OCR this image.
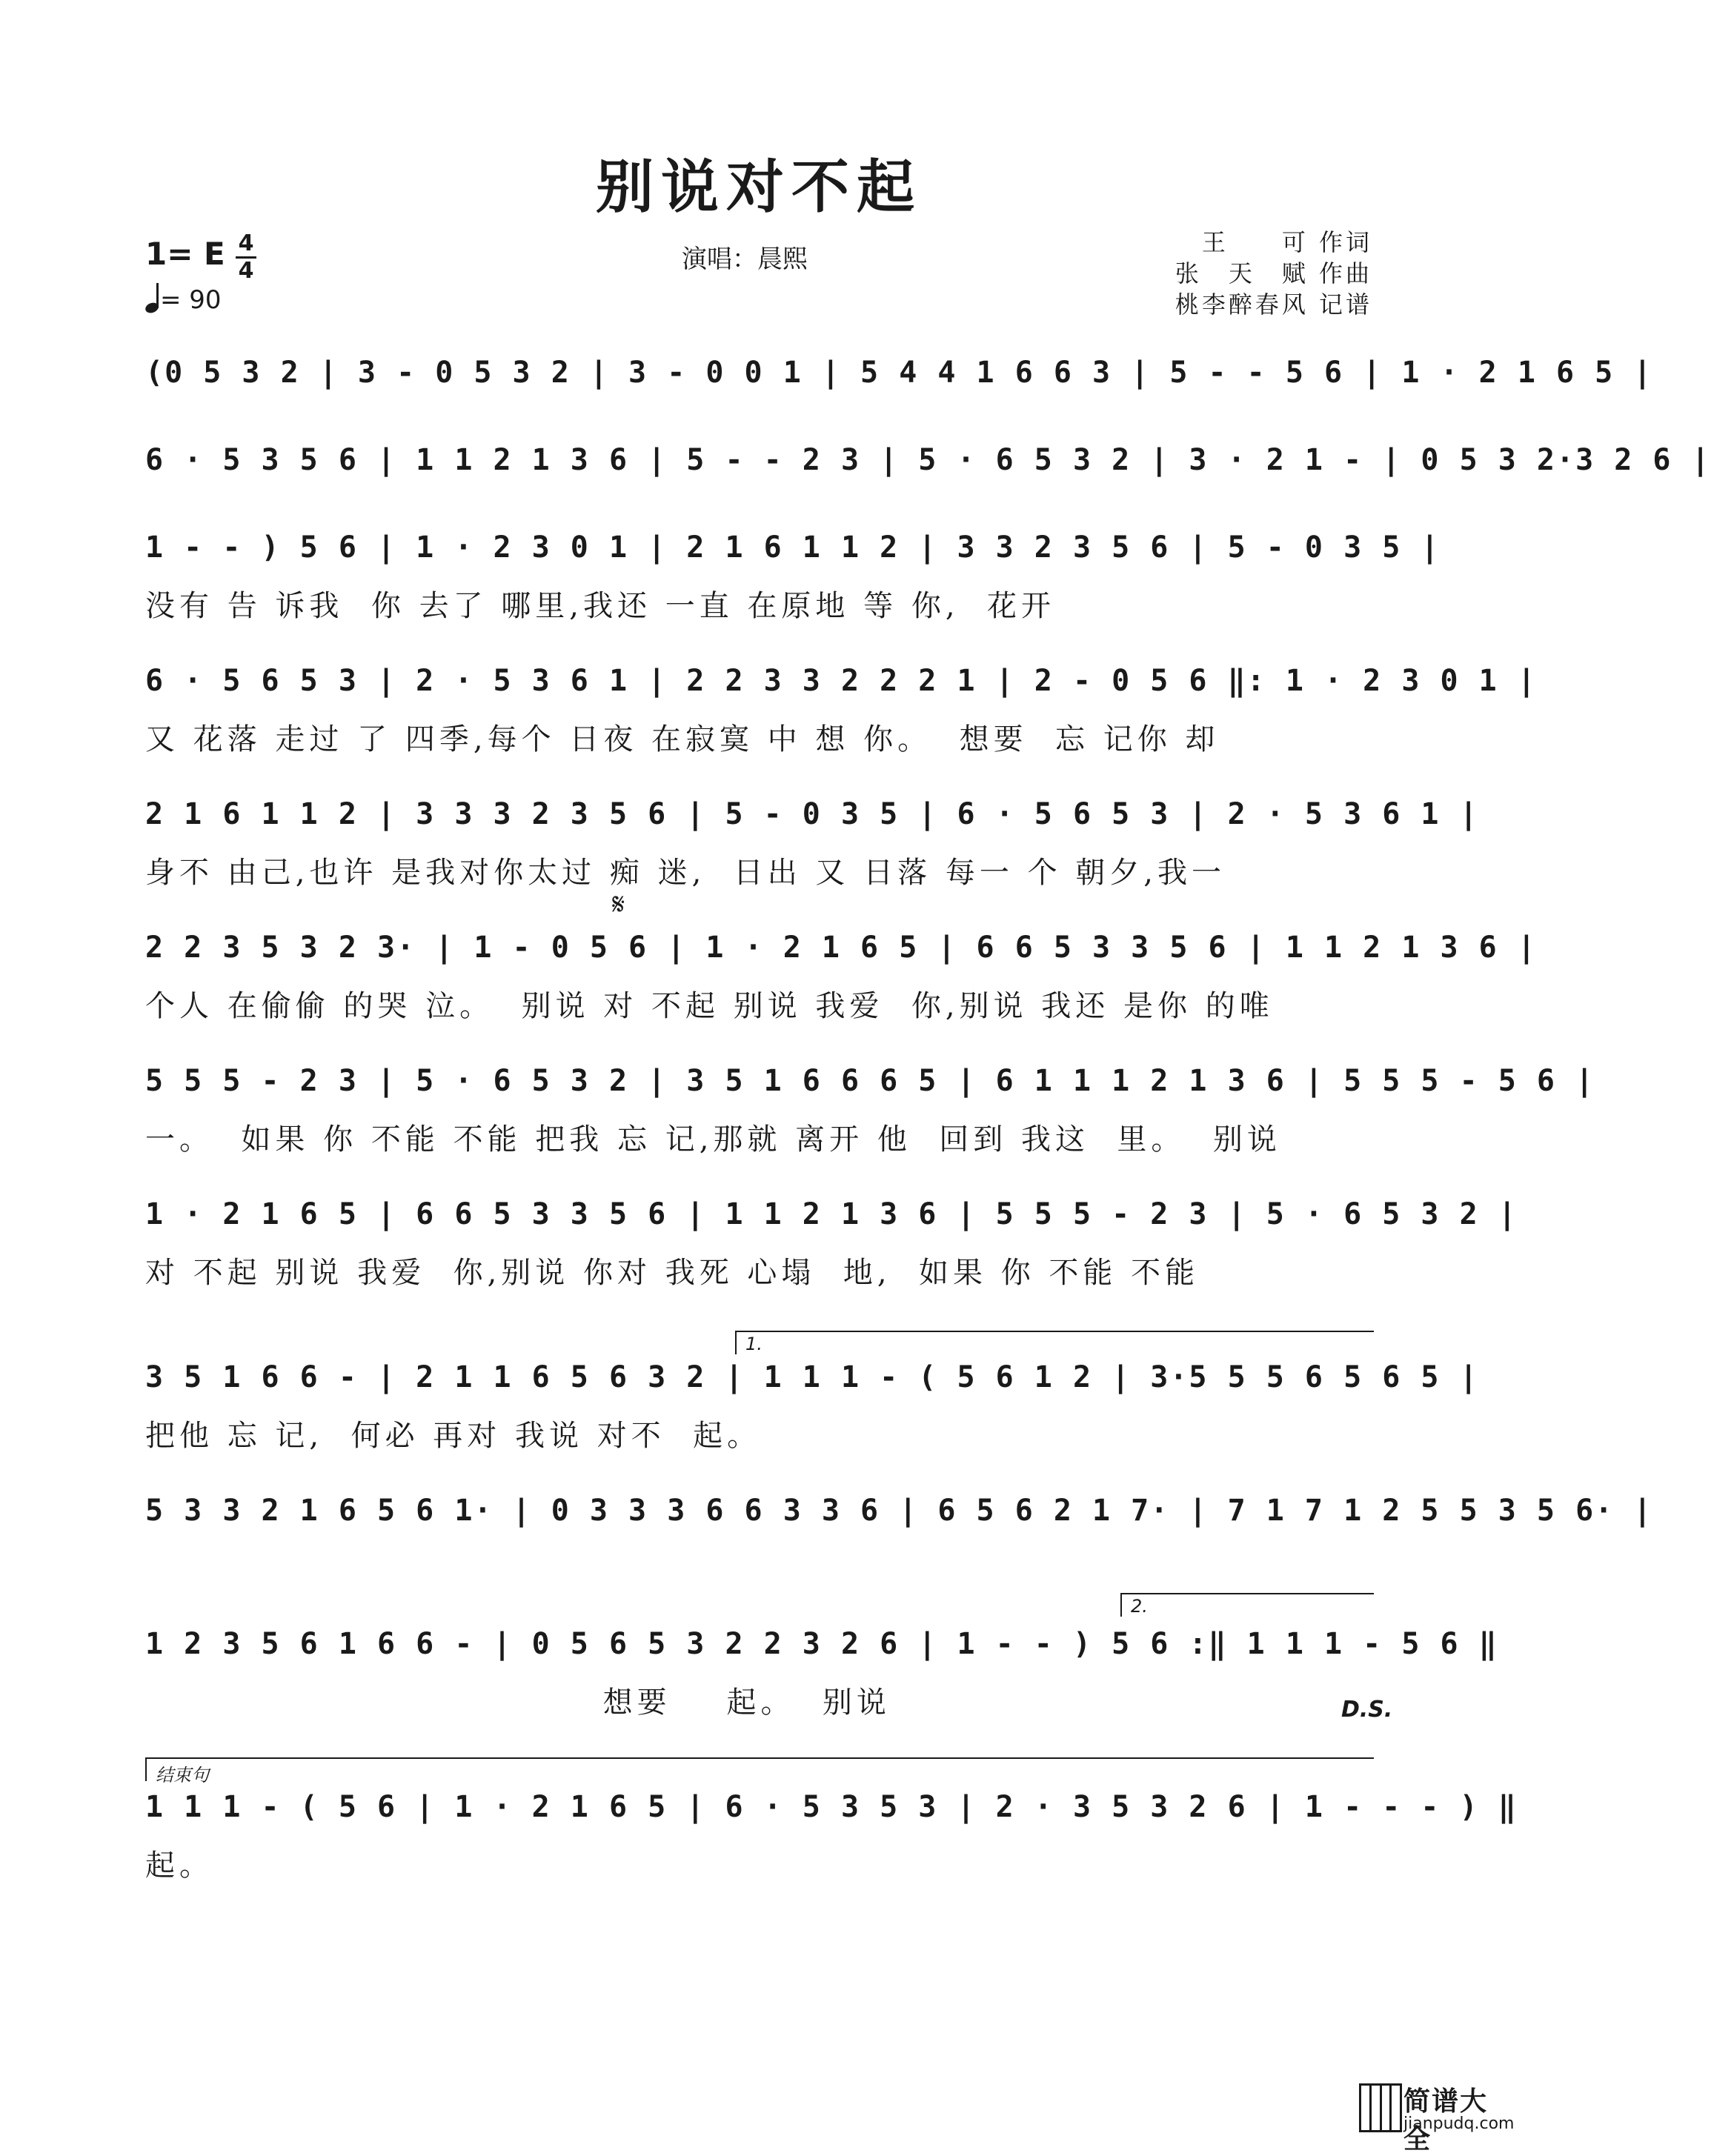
别说对不起
1= E 4
4
= 90
演唱：晨熙
王　　可 作词
张　天　赋 作曲
桃李醉春风 记谱
𝄋
1.
2.
结束句
D.S.
(0 5 3 2 | 3 - 0 5 3 2 | 3 - 0 0 1 | 5 4 4 1 6 6 3 | 5 - - 5 6 | 1 · 2 1 6 5 |
6 · 5 3 5 6 | 1 1 2 1 3 6 | 5 - - 2 3 | 5 · 6 5 3 2 | 3 · 2 1 - | 0 5 3 2·3 2 6 |
1 - - ) 5 6 | 1 · 2 3 0 1 | 2 1 6 1 1 2 | 3 3 2 3 5 6 | 5 - 0 3 5 |
没有 告 诉我  你 去了 哪里,我还 一直 在原地 等 你,  花开
6 · 5 6 5 3 | 2 · 5 3 6 1 | 2 2 3 3 2 2 2 1 | 2 - 0 5 6 ‖: 1 · 2 3 0 1 |
又 花落 走过 了 四季,每个 日夜 在寂寞 中 想 你。  想要  忘 记你 却
2 1 6 1 1 2 | 3 3 3 2 3 5 6 | 5 - 0 3 5 | 6 · 5 6 5 3 | 2 · 5 3 6 1 |
身不 由己,也许 是我对你太过 痴 迷,  日出 又 日落 每一 个 朝夕,我一
2 2 3 5 3 2 3· | 1 - 0 5 6 | 1 · 2 1 6 5 | 6 6 5 3 3 5 6 | 1 1 2 1 3 6 |
个人 在偷偷 的哭 泣。  别说 对 不起 别说 我爱  你,别说 我还 是你 的唯
5 5 5 - 2 3 | 5 · 6 5 3 2 | 3 5 1 6 6 6 5 | 6 1 1 1 2 1 3 6 | 5 5 5 - 5 6 |
一。  如果 你 不能 不能 把我 忘 记,那就 离开 他  回到 我这  里。  别说
1 · 2 1 6 5 | 6 6 5 3 3 5 6 | 1 1 2 1 3 6 | 5 5 5 - 2 3 | 5 · 6 5 3 2 |
对 不起 别说 我爱  你,别说 你对 我死 心塌  地,  如果 你 不能 不能
3 5 1 6 6 - | 2 1 1 6 5 6 3 2 | 1 1 1 - ( 5 6 1 2 | 3·5 5 5 6 5 6 5 |
把他 忘 记,  何必 再对 我说 对不  起。
5 3 3 2 1 6 5 6 1· | 0 3 3 3 6 6 3 3 6 | 6 5 6 2 1 7· | 7 1 7 1 2 5 5 3 5 6· |
1 2 3 5 6 1 6 6 - | 0 5 6 5 3 2 2 3 2 6 | 1 - - ) 5 6 :‖ 1 1 1 - 5 6 ‖
想要    起。  别说
1 1 1 - ( 5 6 | 1 · 2 1 6 5 | 6 · 5 3 5 3 | 2 · 3 5 3 2 6 | 1 - - - ) ‖
起。
简谱大全
jianpudq.com
